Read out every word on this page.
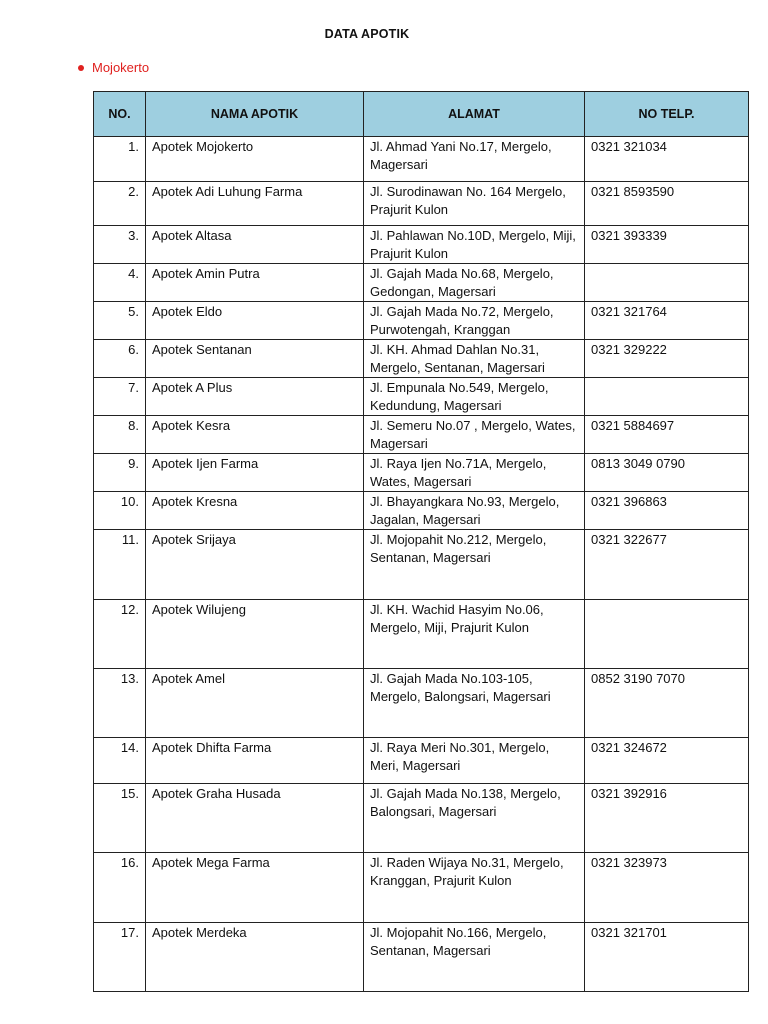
DATA APOTIK
Mojokerto
NO.	NAMA APOTIK	ALAMAT	NO TELP.
1.	Apotek Mojokerto	Jl. Ahmad Yani No.17, Mergelo, Magersari	0321 321034
2.	Apotek Adi Luhung Farma	Jl. Surodinawan No. 164 Mergelo, Prajurit Kulon	0321 8593590
3.	Apotek Altasa	Jl. Pahlawan No.10D, Mergelo, Miji, Prajurit Kulon	0321 393339
4.	Apotek Amin Putra	Jl. Gajah Mada No.68, Mergelo, Gedongan, Magersari	
5.	Apotek Eldo	Jl. Gajah Mada No.72, Mergelo, Purwotengah, Kranggan	0321 321764
6.	Apotek Sentanan	Jl. KH. Ahmad Dahlan No.31, Mergelo, Sentanan, Magersari	0321 329222
7.	Apotek A Plus	Jl. Empunala No.549, Mergelo, Kedundung, Magersari	
8.	Apotek Kesra	Jl. Semeru No.07 , Mergelo, Wates, Magersari	0321 5884697
9.	Apotek Ijen Farma	Jl. Raya Ijen No.71A, Mergelo, Wates, Magersari	0813 3049 0790
10.	Apotek Kresna	Jl. Bhayangkara No.93, Mergelo, Jagalan, Magersari	0321 396863
11.	Apotek Srijaya	Jl. Mojopahit No.212, Mergelo, Sentanan, Magersari	0321 322677
12.	Apotek Wilujeng	Jl. KH. Wachid Hasyim No.06, Mergelo, Miji, Prajurit Kulon	
13.	Apotek Amel	Jl. Gajah Mada No.103-105, Mergelo, Balongsari, Magersari	0852 3190 7070
14.	Apotek Dhifta Farma	Jl. Raya Meri No.301, Mergelo, Meri, Magersari	0321 324672
15.	Apotek Graha Husada	Jl. Gajah Mada No.138, Mergelo, Balongsari, Magersari	0321 392916
16.	Apotek Mega Farma	Jl. Raden Wijaya No.31, Mergelo, Kranggan, Prajurit Kulon	0321 323973
17.	Apotek Merdeka	Jl. Mojopahit No.166, Mergelo, Sentanan, Magersari	0321 321701
